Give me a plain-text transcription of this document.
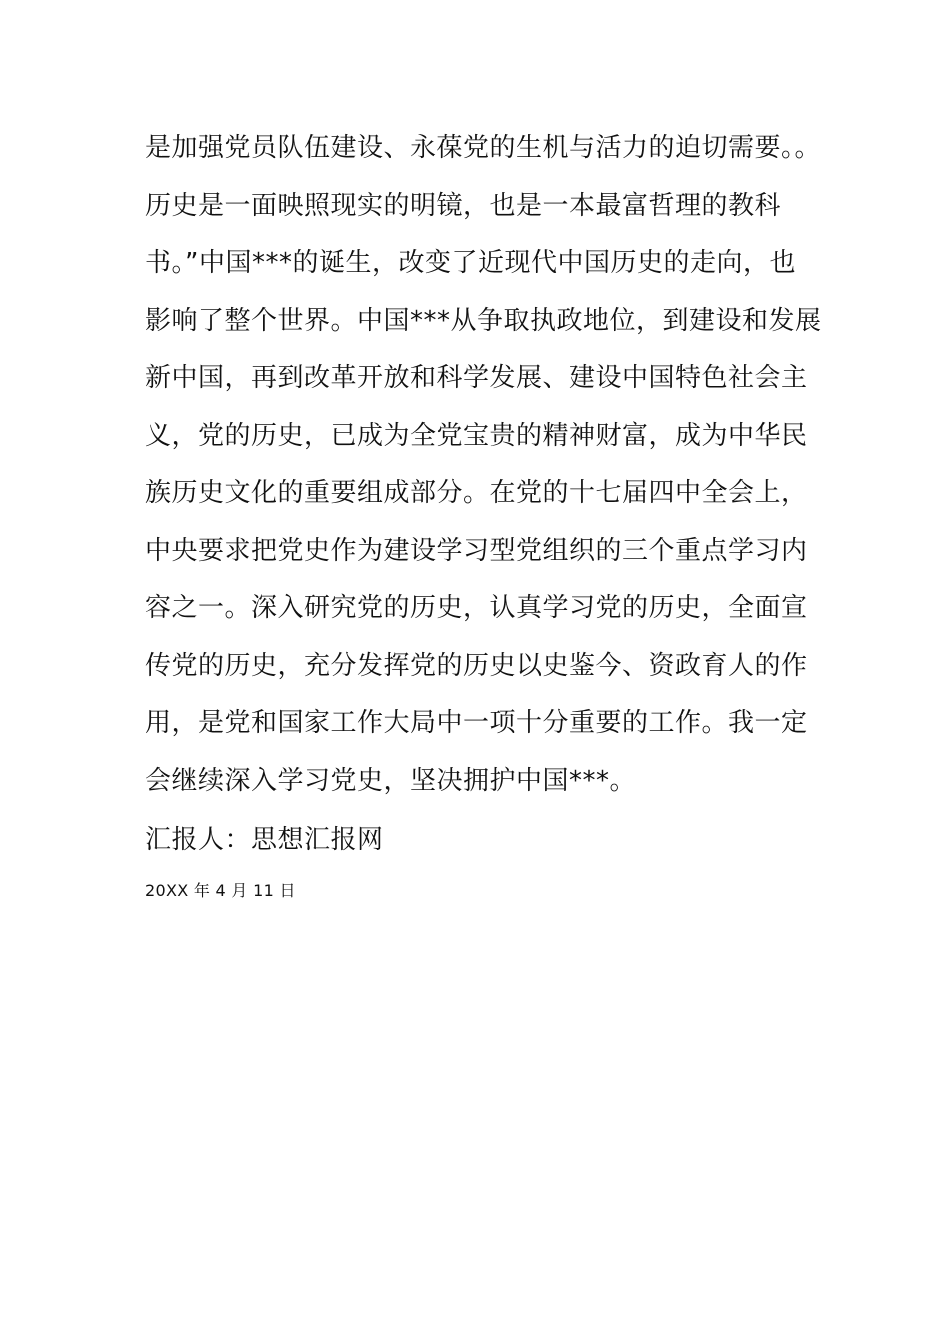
是加强党员队伍建设、永葆党的生机与活力的迫切需要。。
历史是一面映照现实的明镜，也是一本最富哲理的教科
书。”中国***的诞生，改变了近现代中国历史的走向，也
影响了整个世界。中国***从争取执政地位，到建设和发展
新中国，再到改革开放和科学发展、建设中国特色社会主
义，党的历史，已成为全党宝贵的精神财富，成为中华民
族历史文化的重要组成部分。在党的十七届四中全会上，
中央要求把党史作为建设学习型党组织的三个重点学习内
容之一。深入研究党的历史，认真学习党的历史，全面宣
传党的历史，充分发挥党的历史以史鉴今、资政育人的作
用，是党和国家工作大局中一项十分重要的工作。我一定
会继续深入学习党史，坚决拥护中国***。
汇报人：思想汇报网
20XX 年 4 月 11 日
